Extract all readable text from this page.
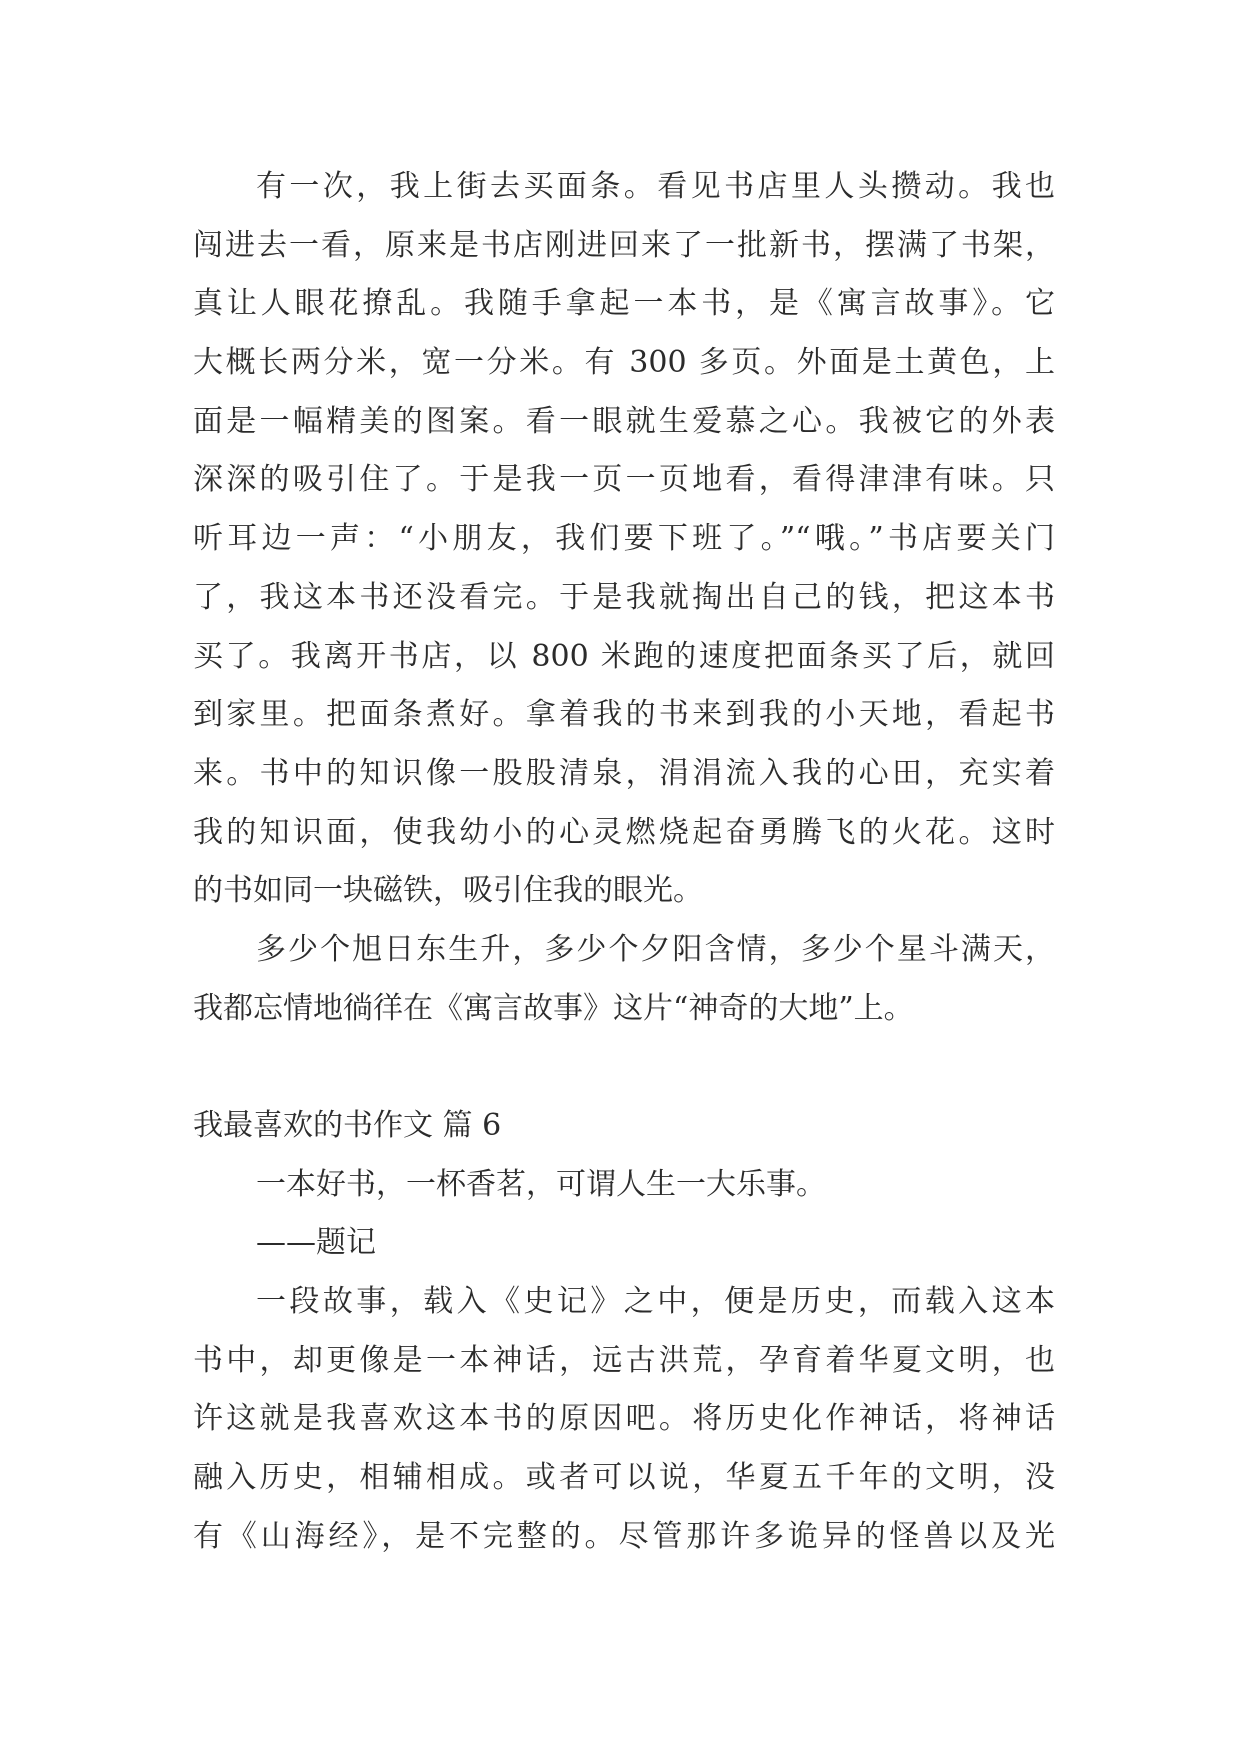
有一次，我上街去买面条。看见书店里人头攒动。我也
闯进去一看，原来是书店刚进回来了一批新书，摆满了书架，
真让人眼花撩乱。我随手拿起一本书，是《寓言故事》。它
大概长两分米，宽一分米。有 300 多页。外面是土黄色，上
面是一幅精美的图案。看一眼就生爱慕之心。我被它的外表
深深的吸引住了。于是我一页一页地看，看得津津有味。只
听耳边一声：“小朋友，我们要下班了。”“哦。”书店要关门
了，我这本书还没看完。于是我就掏出自己的钱，把这本书
买了。我离开书店，以 800 米跑的速度把面条买了后，就回
到家里。把面条煮好。拿着我的书来到我的小天地，看起书
来。书中的知识像一股股清泉，涓涓流入我的心田，充实着
我的知识面，使我幼小的心灵燃烧起奋勇腾飞的火花。这时
的书如同一块磁铁，吸引住我的眼光。
多少个旭日东生升，多少个夕阳含情，多少个星斗满天，
我都忘情地徜徉在《寓言故事》这片“神奇的大地”上。
我最喜欢的书作文 篇 6
一本好书，一杯香茗，可谓人生一大乐事。
——题记
一段故事，载入《史记》之中，便是历史，而载入这本
书中，却更像是一本神话，远古洪荒，孕育着华夏文明，也
许这就是我喜欢这本书的原因吧。将历史化作神话，将神话
融入历史，相辅相成。或者可以说，华夏五千年的文明，没
有《山海经》，是不完整的。尽管那许多诡异的怪兽以及光
